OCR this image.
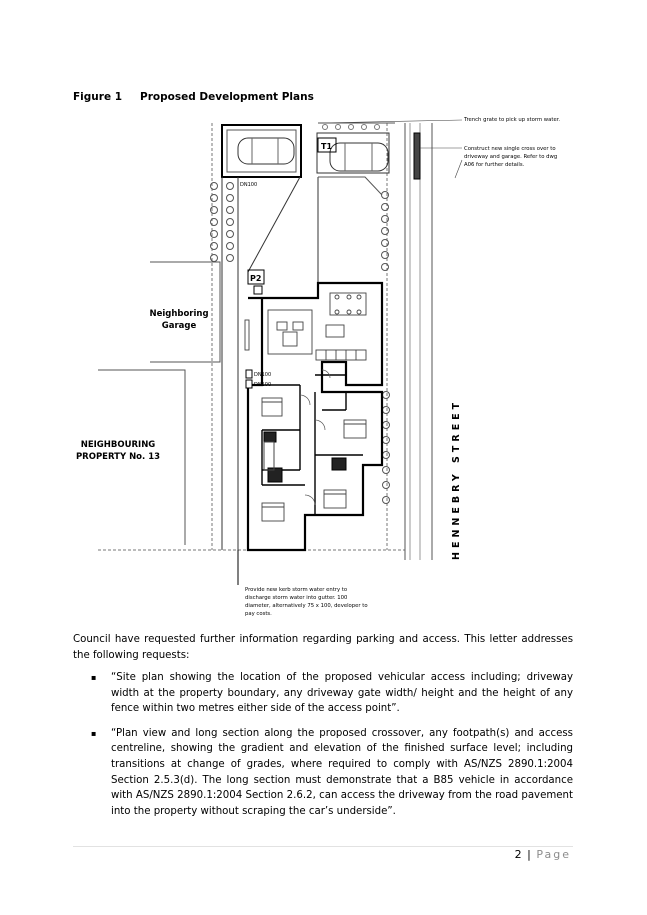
Figure 1 Proposed Development Plans
T1
P2
DN100
DN100
DN100
Neighboring
Garage
NEIGHBOURING
PROPERTY No. 13	HENNEBRY STREET
Trench grate to pick up storm water.
Construct new single cross over to
driveway and garage. Refer to dwg
A06 for further details.
Provide new kerb storm water entry to
discharge storm water into gutter. 100
diameter, alternatively 75 x 100, developer to
pay costs.

Council have requested further information regarding parking and access. This letter addresses the following requests:

▪ “Site plan showing the location of the proposed vehicular access including; driveway width at the property boundary, any driveway gate width/ height and the height of any fence within two metres either side of the access point”.
▪ “Plan view and long section along the proposed crossover, any footpath(s) and access centreline, showing the gradient and elevation of the finished surface level; including transitions at change of grades, where required to comply with AS/NZS 2890.1:2004 Section 2.5.3(d). The long section must demonstrate that a B85 vehicle in accordance with AS/NZS 2890.1:2004 Section 2.6.2, can access the driveway from the road pavement into the property without scraping the car’s underside”.
2 | Page
